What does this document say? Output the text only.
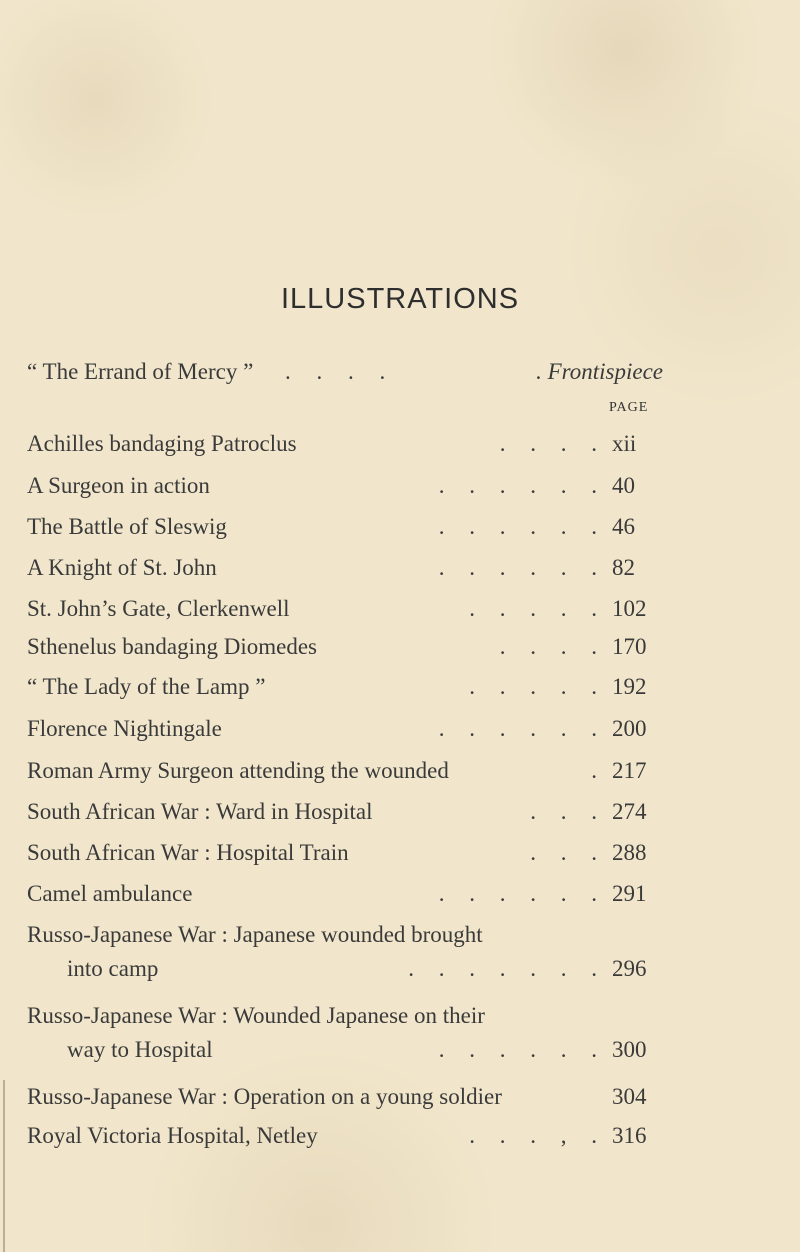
ILLUSTRATIONS
“ The Errand of Mercy ” . . . .	. Frontispiece
PAGE
Achilles bandaging Patroclus	. . . . xii
A Surgeon in action	. . . . . . 40
The Battle of Sleswig	. . . . . . 46
A Knight of St. John	. . . . . . 82
St. John’s Gate, Clerkenwell	. . . . . 102
Sthenelus bandaging Diomedes	. . . . 170
“ The Lady of the Lamp ”	. . . . . 192
Florence Nightingale	. . . . . . 200
Roman Army Surgeon attending the wounded	. 217
South African War : Ward in Hospital	. . . 274
South African War : Hospital Train	. . . 288
Camel ambulance	. . . . . . 291
Russo-Japanese War : Japanese wounded brought
into camp	. . . . . . . 296
Russo-Japanese War : Wounded Japanese on their
way to Hospital	. . . . . . 300
Russo-Japanese War : Operation on a young soldier	304
Royal Victoria Hospital, Netley	. . . , . 316
